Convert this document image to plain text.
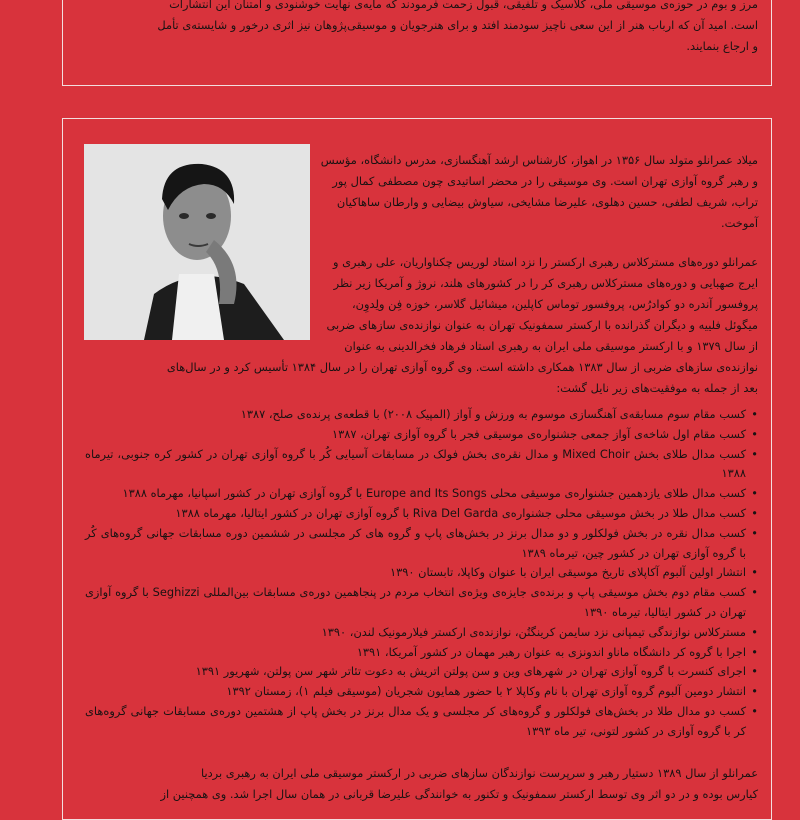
مرز و بوم در حوزه‌ی موسیقی ملی، کلاسیک و تلفیقی، قبول زحمت فرمودند که مایه‌ی نهایت خوشنودی و امتنان این انتشارات
است. امید آن که ارباب هنر از این سعی ناچیز سودمند افتد و برای هنرجویان و موسیقی‌پژوهان نیز اثری درخور و شایسته‌ی تأمل
و ارجاع بنمایند.
میلاد عمرانلو متولد سال ۱۳۵۶ در اهواز، کارشناس ارشد آهنگسازی، مدرس دانشگاه، مؤسس
و رهبر گروه آوازی تهران است. وی موسیقی را در محضر اساتیدی چون مصطفی کمال پور
تراب، شریف لطفی، حسین دهلوی، علیرضا مشایخی، سیاوش بیضایی و وارطان ساهاکیان
آموخت.
عمرانلو دوره‌های مسترکلاس رهبری ارکستر را نزد استاد لوریس چکناواریان، علی رهبری و
ایرج صهبایی و دوره‌های مسترکلاس رهبری کر را در کشورهای هلند، نروژ و آمریکا زیر نظر
پروفسور آندره دو کوادرُس، پروفسور توماس کاپلین، میشائیل گلاسر، خوزه فِن ولِدوِن،
میگوئل فلییه و دیگران گذرانده با ارکستر سمفونیک تهران به عنوان نوازنده‌ی سازهای ضربی
از سال ۱۳۷۹ و با ارکستر موسیقی ملی ایران به رهبری استاد فرهاد فخرالدینی به عنوان
نوازنده‌ی سازهای ضربی از سال ۱۳۸۳ همکاری داشته است. وی گروه آوازی تهران را در سال ۱۳۸۴ تأسیس کرد و در سال‌های
بعد از جمله به موفقیت‌های زیر نایل گشت:
• کسب مقام سوم مسابقه‌ی آهنگسازی موسوم به ورزش و آواز (المپیک ۲۰۰۸) با قطعه‌ی پرنده‌ی صلح، ۱۳۸۷
• کسب مقام اول شاخه‌ی آواز جمعی جشنواره‌ی موسیقی فجر با گروه آوازی تهران، ۱۳۸۷
• کسب مدال طلای بخش Mixed Choir و مدال نقره‌ی بخش فولک در مسابقات آسیایی کُر با گروه آوازی تهران در کشور کره جنوبی، تیرماه ۱۳۸۸
• کسب مدال طلای یازدهمین جشنواره‌ی موسیقی محلی Europe and Its Songs با گروه آوازی تهران در کشور اسپانیا، مهرماه ۱۳۸۸
• کسب مدال طلا در بخش موسیقی محلی جشنواره‌ی Riva Del Garda با گروه آوازی تهران در کشور ایتالیا، مهرماه ۱۳۸۸
• کسب مدال نقره در بخش فولکلور و دو مدال برنز در بخش‌های پاپ و گروه های کر مجلسی در ششمین دوره مسابقات جهانی گروه‌های کُر با گروه آوازی تهران در کشور چین، تیرماه ۱۳۸۹
• انتشار اولین آلبوم آکاپلای تاریخ موسیقی ایران با عنوان وکاپلا، تابستان ۱۳۹۰
• کسب مقام دوم بخش موسیقی پاپ و برنده‌ی جایزه‌ی ویژه‌ی انتخاب مردم در پنجاهمین دوره‌ی مسابقات بین‌المللی Seghizzi با گروه آوازی تهران در کشور ایتالیا، تیرماه ۱۳۹۰
• مسترکلاس نوازندگی تیمپانی نزد سایمن کرینگتُن، نوازنده‌ی ارکستر فیلارمونیک لندن، ۱۳۹۰
• اجرا با گروه کر دانشگاه ماناو اندونزی به عنوان رهبر مهمان در کشور آمریکا، ۱۳۹۱
• اجرای کنسرت با گروه آوازی تهران در شهرهای وین و سن پولتن اتریش به دعوت تئاتر شهر سن پولتن، شهریور ۱۳۹۱
• انتشار دومین آلبوم گروه آوازی تهران با نام وکاپلا ۲ با حضور همایون شجریان (موسیقی فیلم ۱)، زمستان ۱۳۹۲
• کسب دو مدال طلا در بخش‌های فولکلور و گروه‌های کر مجلسی و یک مدال برنز در بخش پاپ از هشتمین دوره‌ی مسابقات جهانی گروه‌های کر با گروه آوازی در کشور لتونی، تیر ماه ۱۳۹۳
عمرانلو از سال ۱۳۸۹ دستیار رهبر و سرپرست نوازندگان سازهای ضربی در ارکستر موسیقی ملی ایران به رهبری بردیا
کیارس بوده و در دو اثر وی توسط ارکستر سمفونیک و تکنور به خوانندگی علیرضا قربانی در همان سال اجرا شد. وی همچنین از
